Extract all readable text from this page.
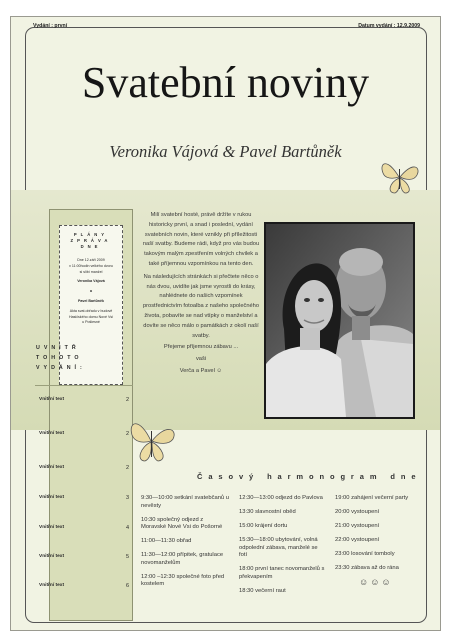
Vydání : první	Datum vydání : 12.9.2009
Svatební noviny
Veronika Vájová & Pavel Bartůněk
PLÁNY ZPRÁVA DNE
Dne 12.září 2009
v 11:00hodin velkého dvoru
si slíbí manžel
Veronika Vájová
a
Pavel Bartůněk
Akta svat.obřadu v budově
Hasičského domu Nové Vsi
u Pošiesné
UVNITŘ TOHOTO VYDÁNÍ:
Vnitřní text	2
Vnitřní text	2
Vnitřní text	2
Vnitřní text	3
Vnitřní text	4
Vnitřní text	5
Vnitřní text	6
Milí svatební hosté, právě držíte v rukou historicky první, a snad i poslední, vydání svatebních novin, které vznikly při příležitosti naší svatby. Budeme rádi, když pro vás budou takovým malým zpestřením volných chvilek a také příjemnou vzpomínkou na tento den.
Na následujících stránkách si přečtete něco o nás dvou, uvidíte jak jsme vyrostli do krásy, nahlédnete do našich vzpomínek prostřednictvím fotoalba z našeho společného života, pobavíte se nad vtípky o manželství a dovíte se něco málo o památkách z okolí naší svatby.
Přejeme příjemnou zábavu ...
vaši
Verča a Pavel ☺
Časový harmonogram dne
9:30—10:00 setkání svatebčanů u nevěsty
10:30 společný odjezd z Moravské Nové Vsi do Pošorné
11:00—11:30 obřad
11:30—12:00 přípitek, gratulace novomanželům
12:00 –12:30 společné foto před kostelem
12:30—13:00 odjezd do Pavlova
13:30 slavnostní oběd
15:00 krájení dortu
15:30—18:00 ubytování, volná odpolední zábava, manželé se fotí
18:00 první tanec novomanželů s překvapením
18:30 večerní raut
19:00 zahájení večerní party
20:00 vystoupení
21:00 vystoupení
22:00 vystoupení
23:00 losování tomboly
23:30 zábava až do rána
☺☺☺
